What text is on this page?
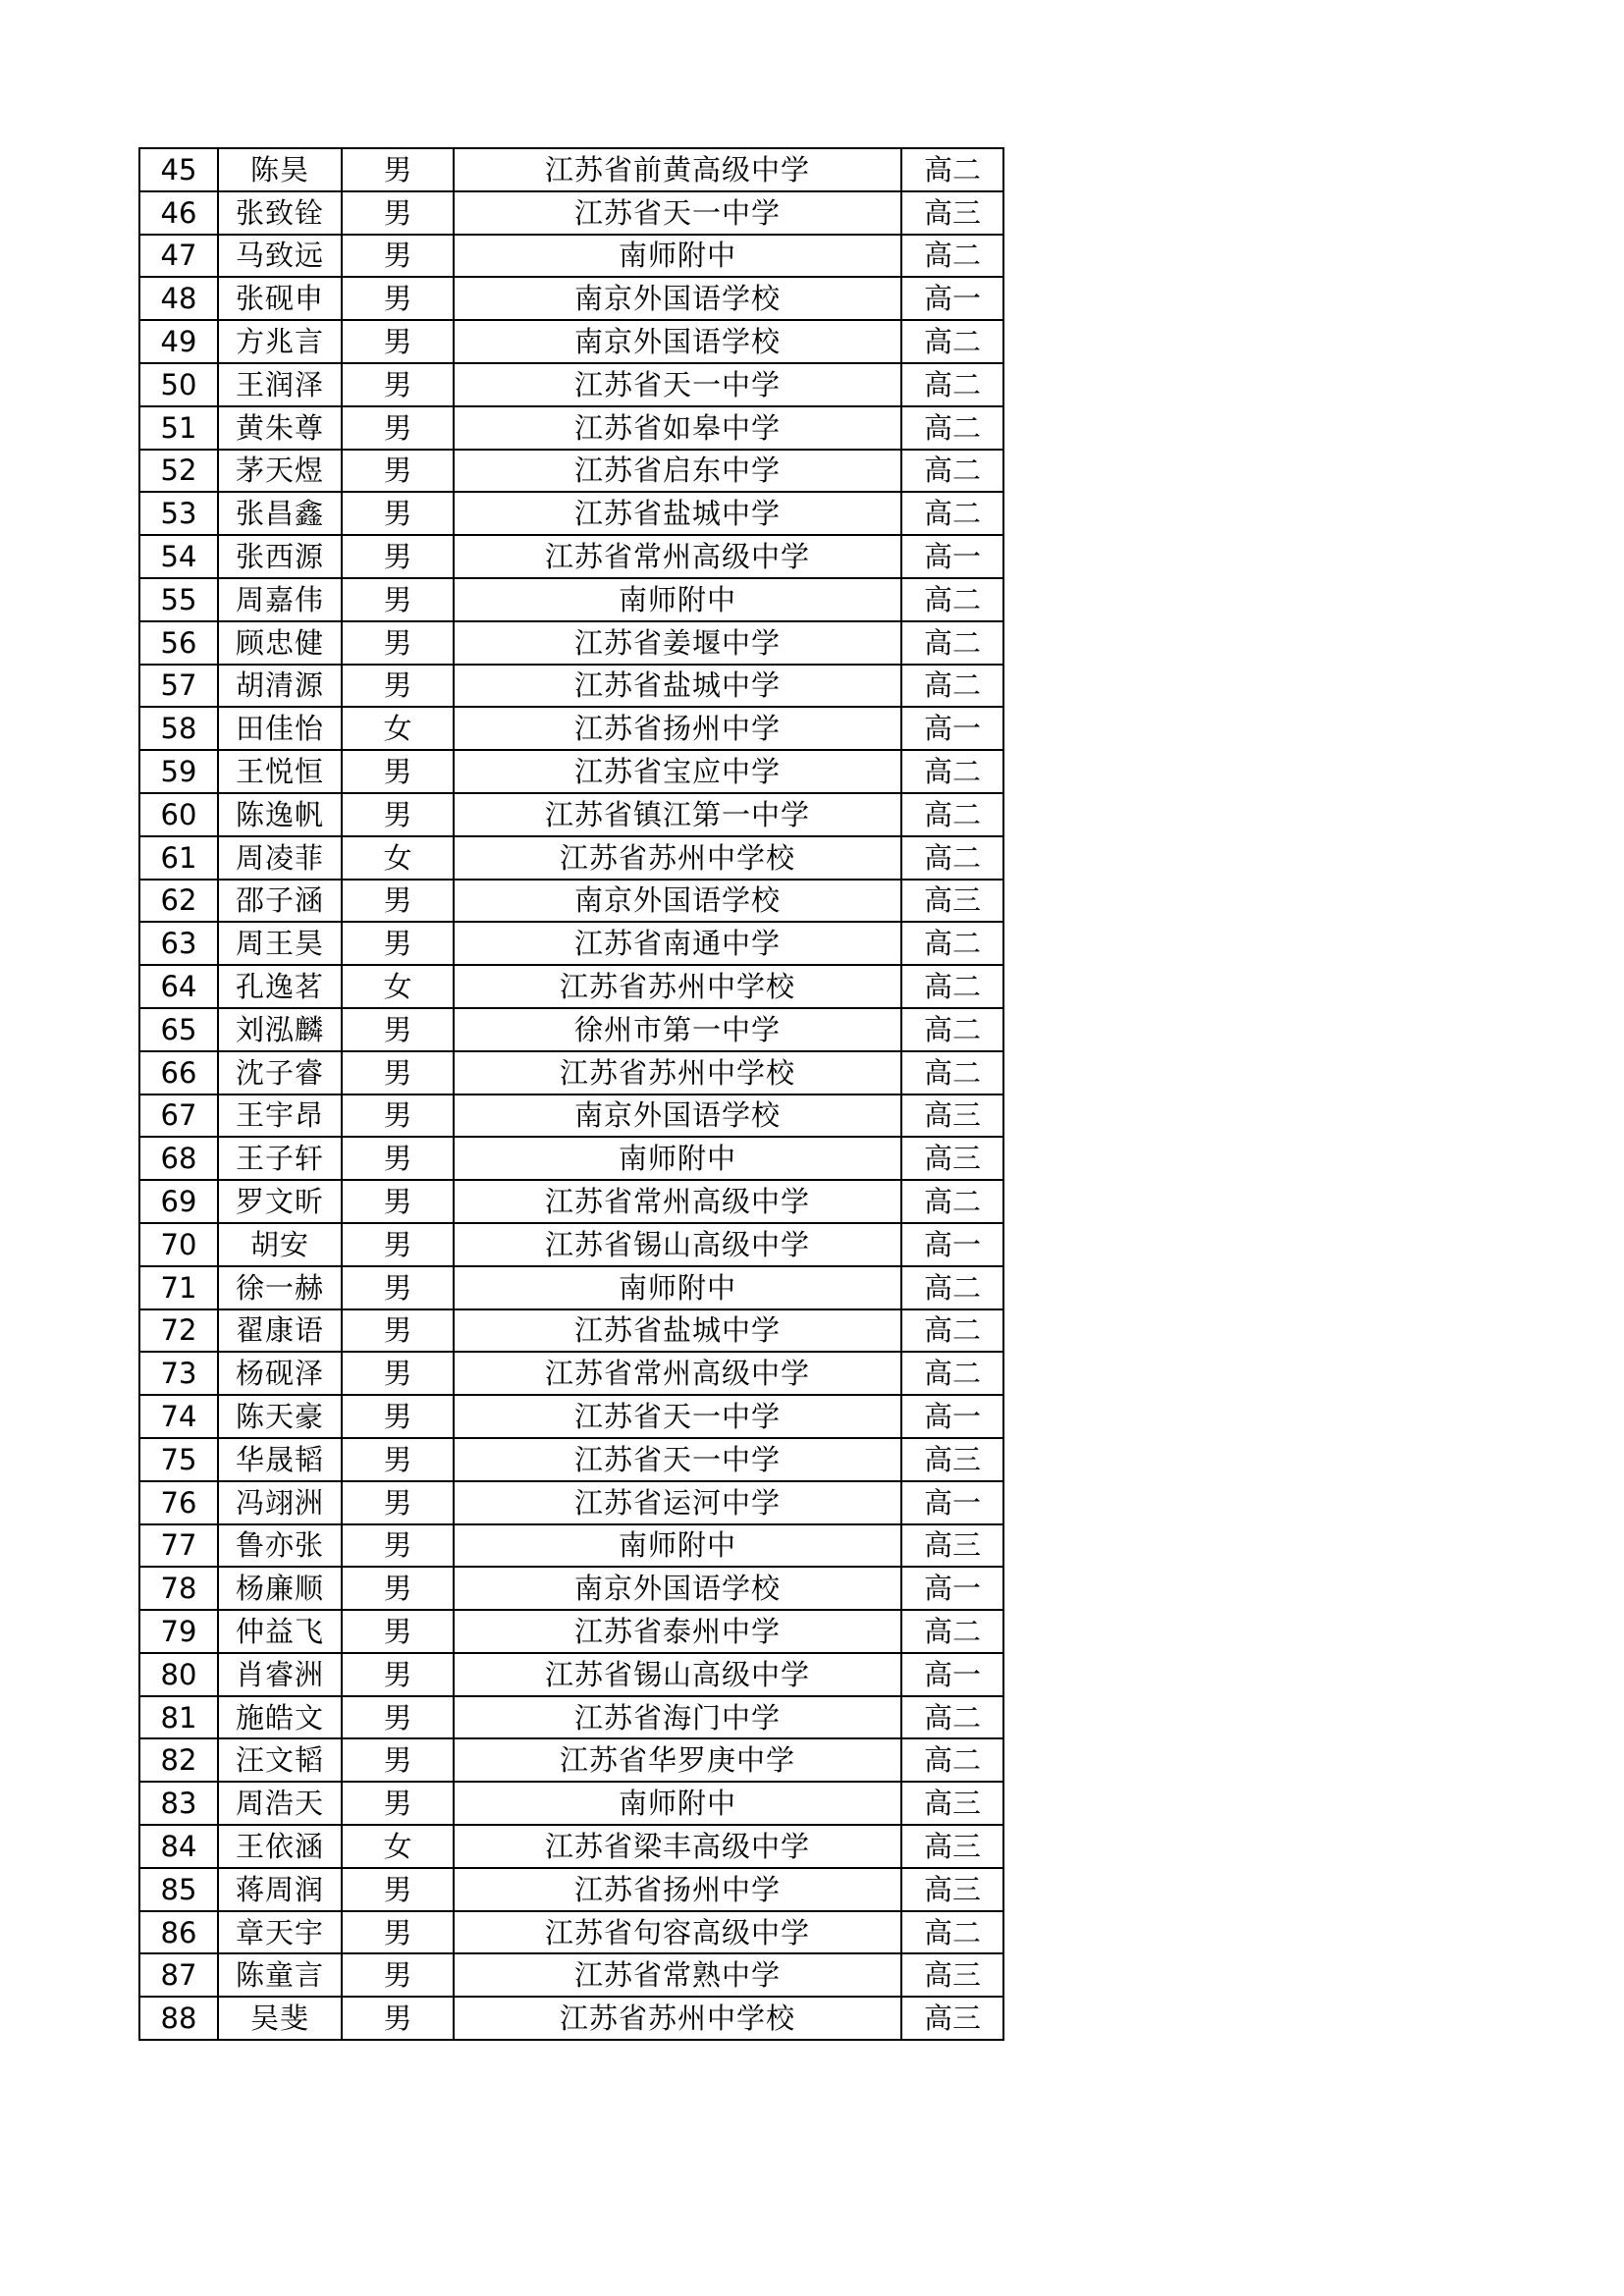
45	陈昊	男	江苏省前黄高级中学	高二
46	张致铨	男	江苏省天一中学	高三
47	马致远	男	南师附中	高二
48	张砚申	男	南京外国语学校	高一
49	方兆言	男	南京外国语学校	高二
50	王润泽	男	江苏省天一中学	高二
51	黄朱尊	男	江苏省如皋中学	高二
52	茅天煜	男	江苏省启东中学	高二
53	张昌鑫	男	江苏省盐城中学	高二
54	张西源	男	江苏省常州高级中学	高一
55	周嘉伟	男	南师附中	高二
56	顾忠健	男	江苏省姜堰中学	高二
57	胡清源	男	江苏省盐城中学	高二
58	田佳怡	女	江苏省扬州中学	高一
59	王悦恒	男	江苏省宝应中学	高二
60	陈逸帆	男	江苏省镇江第一中学	高二
61	周凌菲	女	江苏省苏州中学校	高二
62	邵子涵	男	南京外国语学校	高三
63	周王昊	男	江苏省南通中学	高二
64	孔逸茗	女	江苏省苏州中学校	高二
65	刘泓麟	男	徐州市第一中学	高二
66	沈子睿	男	江苏省苏州中学校	高二
67	王宇昂	男	南京外国语学校	高三
68	王子轩	男	南师附中	高三
69	罗文昕	男	江苏省常州高级中学	高二
70	胡安	男	江苏省锡山高级中学	高一
71	徐一赫	男	南师附中	高二
72	翟康语	男	江苏省盐城中学	高二
73	杨砚泽	男	江苏省常州高级中学	高二
74	陈天豪	男	江苏省天一中学	高一
75	华晟韬	男	江苏省天一中学	高三
76	冯翊洲	男	江苏省运河中学	高一
77	鲁亦张	男	南师附中	高三
78	杨廉顺	男	南京外国语学校	高一
79	仲益飞	男	江苏省泰州中学	高二
80	肖睿洲	男	江苏省锡山高级中学	高一
81	施皓文	男	江苏省海门中学	高二
82	汪文韬	男	江苏省华罗庚中学	高二
83	周浩天	男	南师附中	高三
84	王依涵	女	江苏省梁丰高级中学	高三
85	蒋周润	男	江苏省扬州中学	高三
86	章天宇	男	江苏省句容高级中学	高二
87	陈童言	男	江苏省常熟中学	高三
88	吴斐	男	江苏省苏州中学校	高三
